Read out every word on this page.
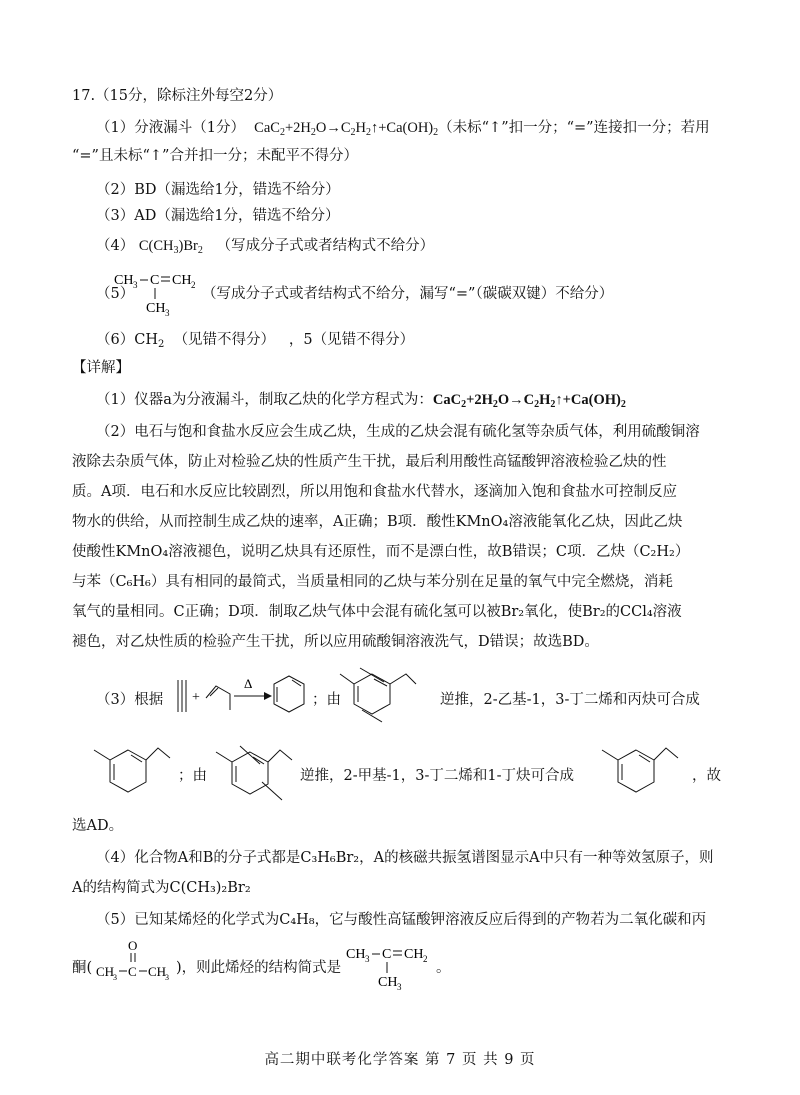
17.（15分，除标注外每空2分）
（1）分液漏斗（1分） $CaC_2+2H_2O\to C_2H_2↑+Ca(OH)_2$（未标“↑”扣一分；“=”连接扣一分；若用
“=”且未标“↑”合并扣一分；未配平不得分）
（2）BD（漏选给1分，错选不给分）
（3）AD（漏选给1分，错选不给分）
（4） $C(CH_3)Br_2$ （写成分子式或者结构式不给分）
（5）
CH 3 C CH 2
CH 3
（写成分子式或者结构式不给分，漏写“=”（碳碳双键）不给分）
$(6)CH_2$ （见错不得分） ，5（见错不得分）
【详解】
（1）仪器a为分液漏斗，制取乙炔的化学方程式为：$CaC_2+2H_2O\to C_2H_2↑+Ca(OH)_2$
（2）电石与饱和食盐水反应会生成乙炔，生成的乙炔会混有硫化氢等杂质气体，利用硫酸铜溶
液除去杂质气体，防止对检验乙炔的性质产生干扰，最后利用酸性高锰酸钾溶液检验乙炔的性
质。A项．电石和水反应比较剧烈，所以用饱和食盐水代替水，逐滴加入饱和食盐水可控制反应
物水的供给，从而控制生成乙炔的速率，A正确；B项．酸性KMnO₄溶液能氧化乙炔，因此乙炔
使酸性KMnO₄溶液褪色，说明乙炔具有还原性，而不是漂白性，故B错误；C项．乙炔（C₂H₂）
与苯（C₆H₆）具有相同的最简式，当质量相同的乙炔与苯分别在足量的氧气中完全燃烧，消耗
氧气的量相同。C正确；D项．制取乙炔气体中会混有硫化氢可以被Br₂氧化，使Br₂的CCl₄溶液
褪色，对乙炔性质的检验产生干扰，所以应用硫酸铜溶液洗气，D错误；故选BD。
（3）根据 +
Δ
；由	逆推，2-乙基-1，3-丁二烯和丙炔可合成
；由	逆推，2-甲基-1，3-丁二烯和1-丁炔可合成	，故
选AD。
（4）化合物A和B的分子式都是C₃H₆Br₂，A的核磁共振氢谱图显示A中只有一种等效氢原子，则
A的结构简式为C(CH₃)₂Br₂
（5）已知某烯烃的化学式为C₄H₈，它与酸性高锰酸钾溶液反应后得到的产物若为二氧化碳和丙
酮(
O
CH
3 C CH
3
)，则此烯烃的结构简式是
CH 3 C CH 2
CH 3
。
高二期中联考化学答案 第 7 页 共 9 页
